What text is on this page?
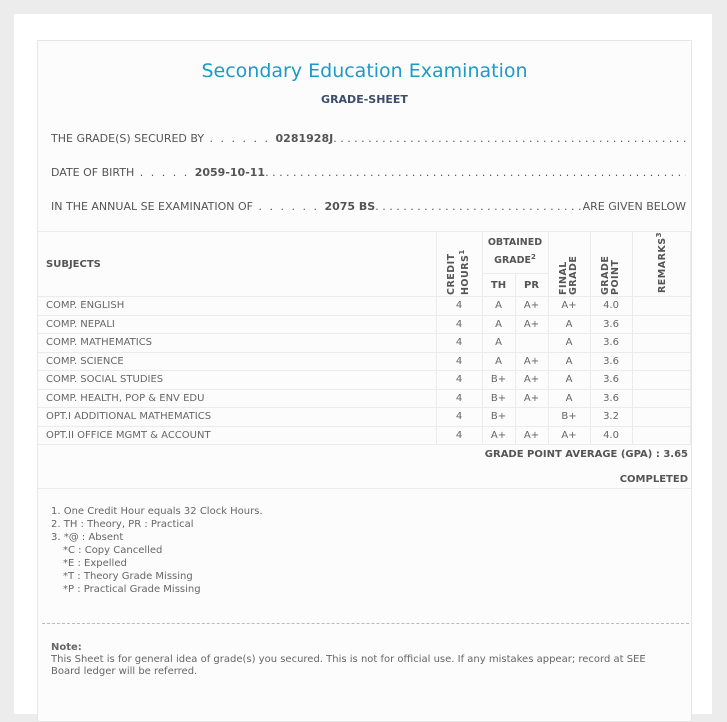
Secondary Education Examination
GRADE-SHEET
THE GRADE(S) SECURED BY . . . . . . 0281928J
. . .
DATE OF BIRTH . . . . . 2059-10-11
. . .
IN THE ANNUAL SE EXAMINATION OF . . . . . . 2075 BS . . .	ARE GIVEN BELOW
SUBJECTS	CREDIT HOURS$^1$	OBTAINED GRADE$^2$		FINAL GRADE	GRADE POINT	REMARKS$^3$
		TH	PR			
COMP. ENGLISH	4	A	A+	A+	4.0	
COMP. NEPALI	4	A	A+	A	3.6	
COMP. MATHEMATICS	4	A		A	3.6	
COMP. SCIENCE	4	A	A+	A	3.6	
COMP. SOCIAL STUDIES	4	B+	A+	A	3.6	
COMP. HEALTH, POP & ENV EDU	4	B+	A+	A	3.6	
OPT.I ADDITIONAL MATHEMATICS	4	B+		B+	3.2	
OPT.II OFFICE MGMT & ACCOUNT	4	A+	A+	A+	4.0	
GRADE POINT AVERAGE (GPA) : 3.65
COMPLETED
1. One Credit Hour equals 32 Clock Hours.
2. TH : Theory, PR : Practical
3. *@ : Absent
*C : Copy Cancelled
*E : Expelled
*T : Theory Grade Missing
*P : Practical Grade Missing
Note:
This Sheet is for general idea of grade(s) you secured. This is not for official use. If any mistakes appear; record at SEE Board ledger will be referred.
